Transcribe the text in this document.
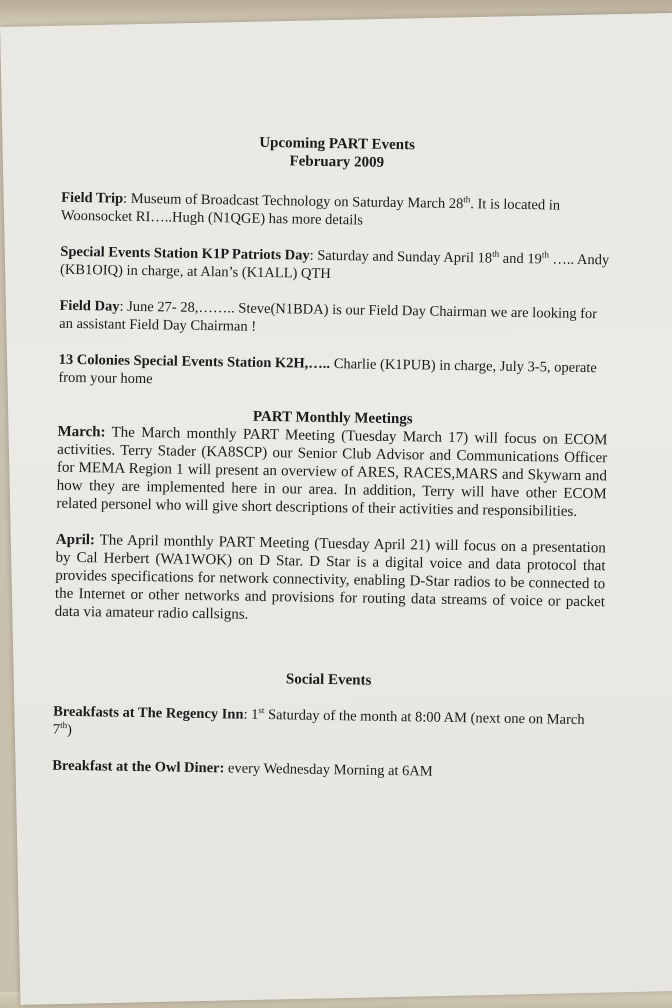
Upcoming PART Events
February 2009

Field Trip: Museum of Broadcast Technology on Saturday March 28th. It is located in Woonsocket RI…..Hugh (N1QGE) has more details

Special Events Station K1P Patriots Day: Saturday and Sunday April 18th and 19th ….. Andy (KB1OIQ) in charge, at Alan’s (K1ALL) QTH

Field Day: June 27- 28,…….. Steve(N1BDA) is our Field Day Chairman we are looking for an assistant Field Day Chairman !

13 Colonies Special Events Station K2H,….. Charlie (K1PUB) in charge, July 3-5, operate from your home

PART Monthly Meetings

March: The March monthly PART Meeting (Tuesday March 17) will focus on ECOM activities. Terry Stader (KA8SCP) our Senior Club Advisor and Communications Officer for MEMA Region 1 will present an overview of ARES, RACES,MARS and Skywarn and how they are implemented here in our area. In addition, Terry will have other ECOM related personel who will give short descriptions of their activities and responsibilities.

April: The April monthly PART Meeting (Tuesday April 21) will focus on a presentation by Cal Herbert (WA1WOK) on D Star. D Star is a digital voice and data protocol that provides specifications for network connectivity, enabling D-Star radios to be connected to the Internet or other networks and provisions for routing data streams of voice or packet data via amateur radio callsigns.

Social Events

Breakfasts at The Regency Inn: 1st Saturday of the month at 8:00 AM (next one on March 7th)

Breakfast at the Owl Diner: every Wednesday Morning at 6AM
